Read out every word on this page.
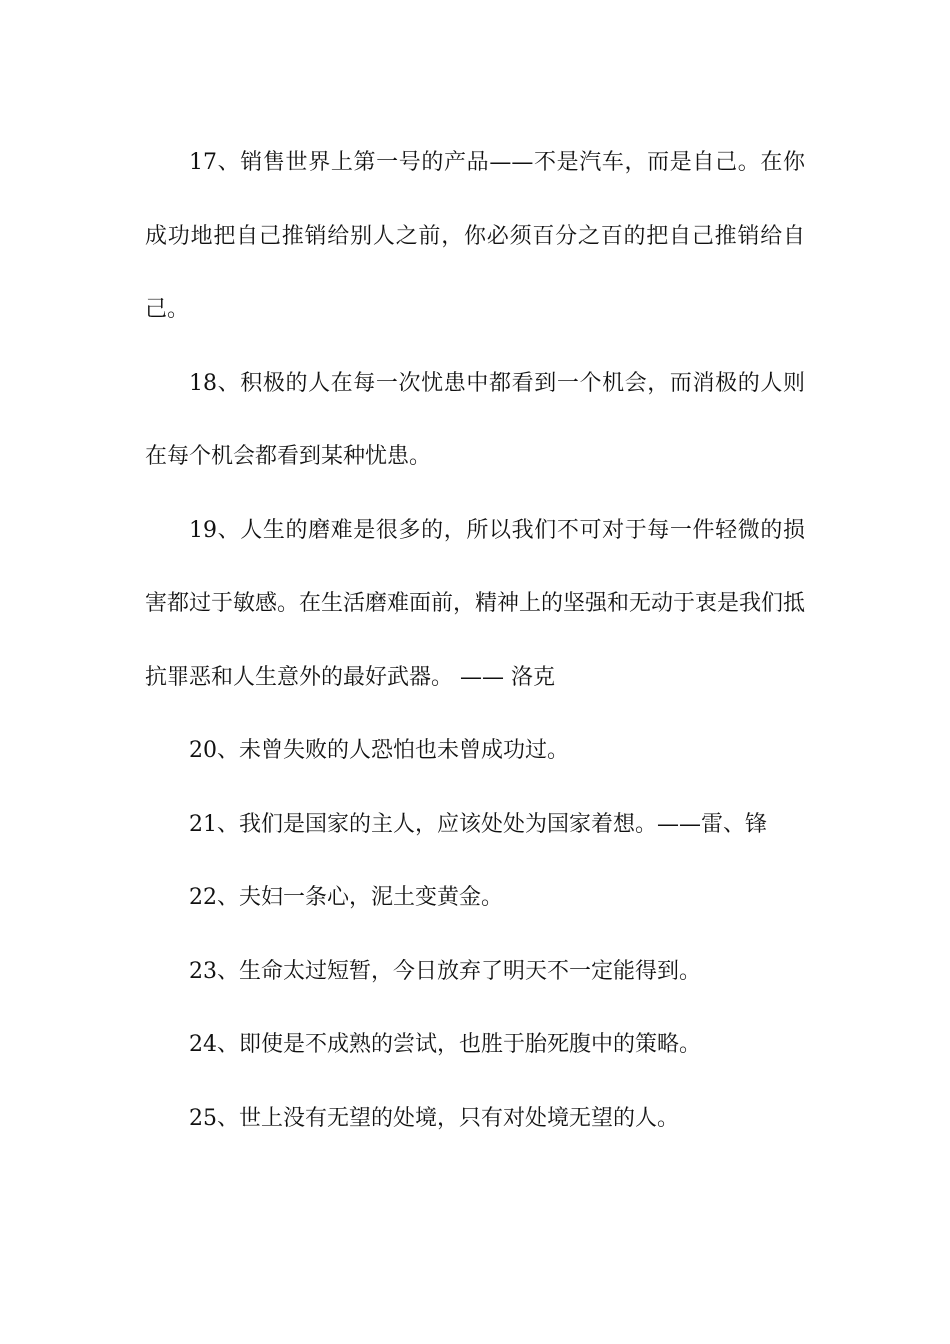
17、销售世界上第一号的产品——不是汽车，而是自己。在你成功地把自己推销给别人之前，你必须百分之百的把自己推销给自己。

18、积极的人在每一次忧患中都看到一个机会，而消极的人则在每个机会都看到某种忧患。

19、人生的磨难是很多的，所以我们不可对于每一件轻微的损害都过于敏感。在生活磨难面前，精神上的坚强和无动于衷是我们抵抗罪恶和人生意外的最好武器。 —— 洛克

20、未曾失败的人恐怕也未曾成功过。

21、我们是国家的主人，应该处处为国家着想。——雷、锋

22、夫妇一条心，泥土变黄金。

23、生命太过短暂，今日放弃了明天不一定能得到。

24、即使是不成熟的尝试，也胜于胎死腹中的策略。

25、世上没有无望的处境，只有对处境无望的人。
